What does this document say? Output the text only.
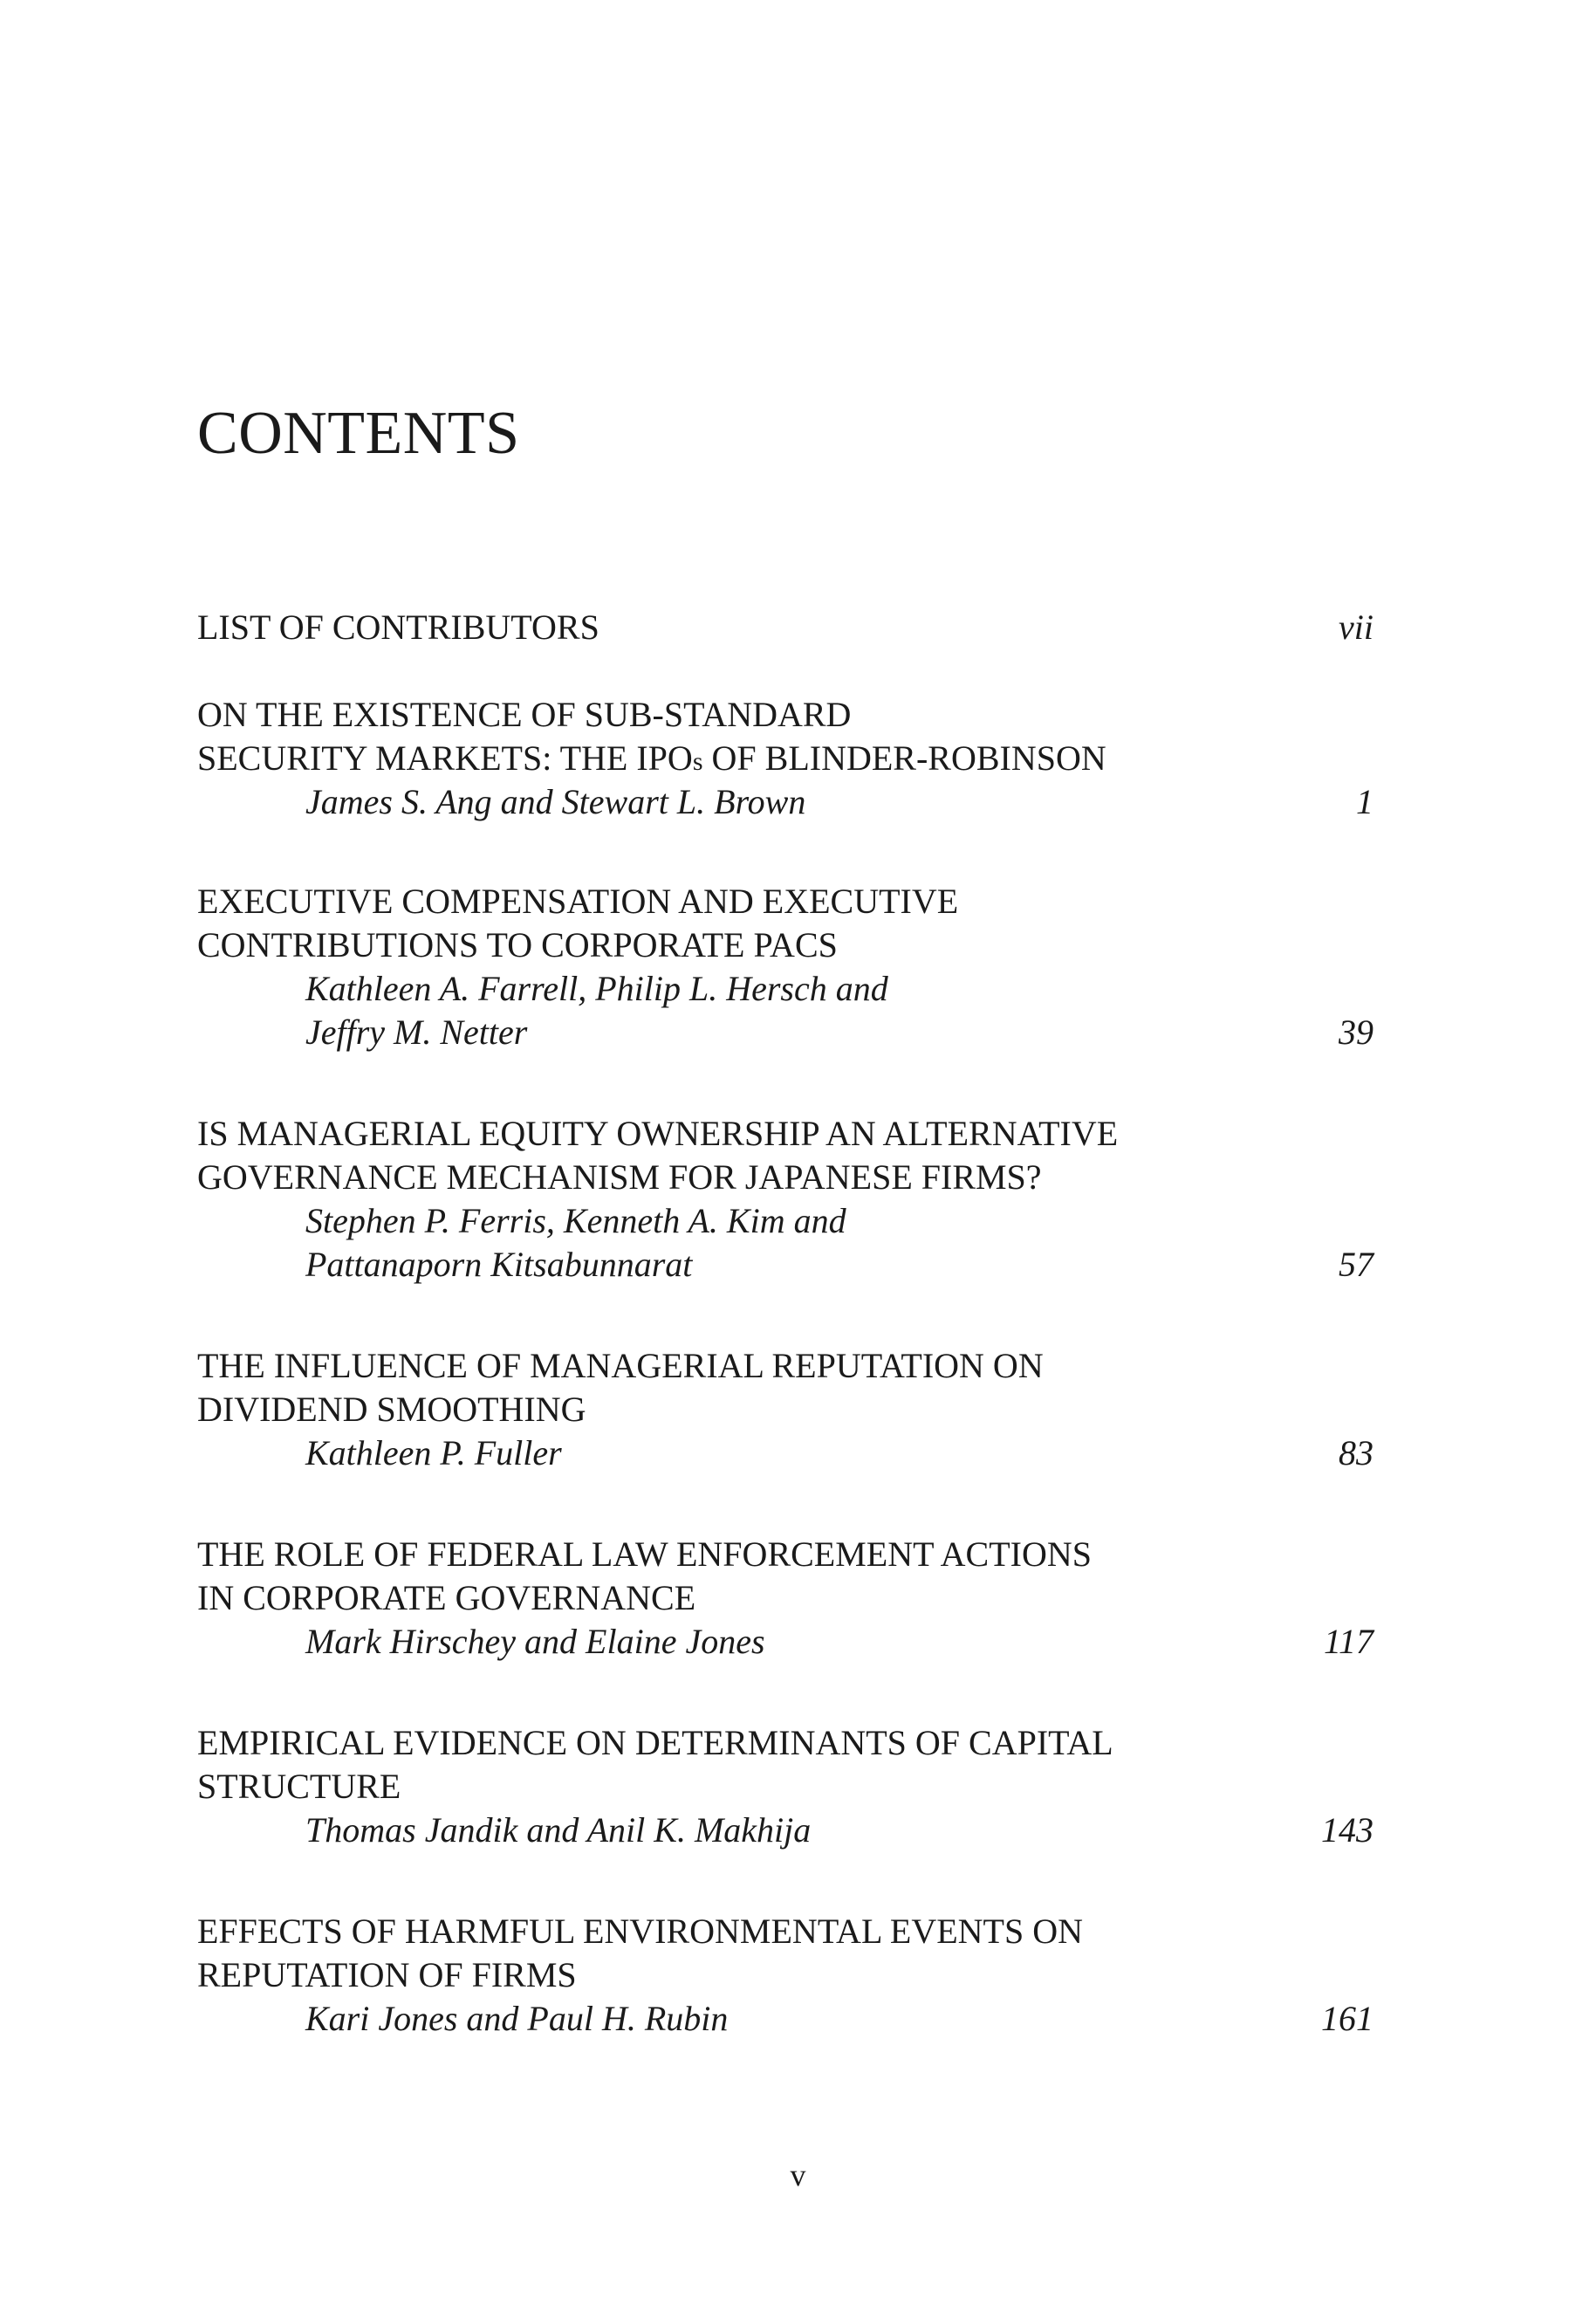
CONTENTS

LIST OF CONTRIBUTORS	vii

ON THE EXISTENCE OF SUB-STANDARD

SECURITY MARKETS: THE IPOs OF BLINDER-ROBINSON

James S. Ang and Stewart L. Brown	1

EXECUTIVE COMPENSATION AND EXECUTIVE

CONTRIBUTIONS TO CORPORATE PACS

Kathleen A. Farrell, Philip L. Hersch and

Jeffry M. Netter	39

IS MANAGERIAL EQUITY OWNERSHIP AN ALTERNATIVE

GOVERNANCE MECHANISM FOR JAPANESE FIRMS?

Stephen P. Ferris, Kenneth A. Kim and

Pattanaporn Kitsabunnarat	57

THE INFLUENCE OF MANAGERIAL REPUTATION ON

DIVIDEND SMOOTHING

Kathleen P. Fuller	83

THE ROLE OF FEDERAL LAW ENFORCEMENT ACTIONS

IN CORPORATE GOVERNANCE

Mark Hirschey and Elaine Jones	117

EMPIRICAL EVIDENCE ON DETERMINANTS OF CAPITAL

STRUCTURE

Thomas Jandik and Anil K. Makhija	143

EFFECTS OF HARMFUL ENVIRONMENTAL EVENTS ON

REPUTATION OF FIRMS

Kari Jones and Paul H. Rubin	161

v
